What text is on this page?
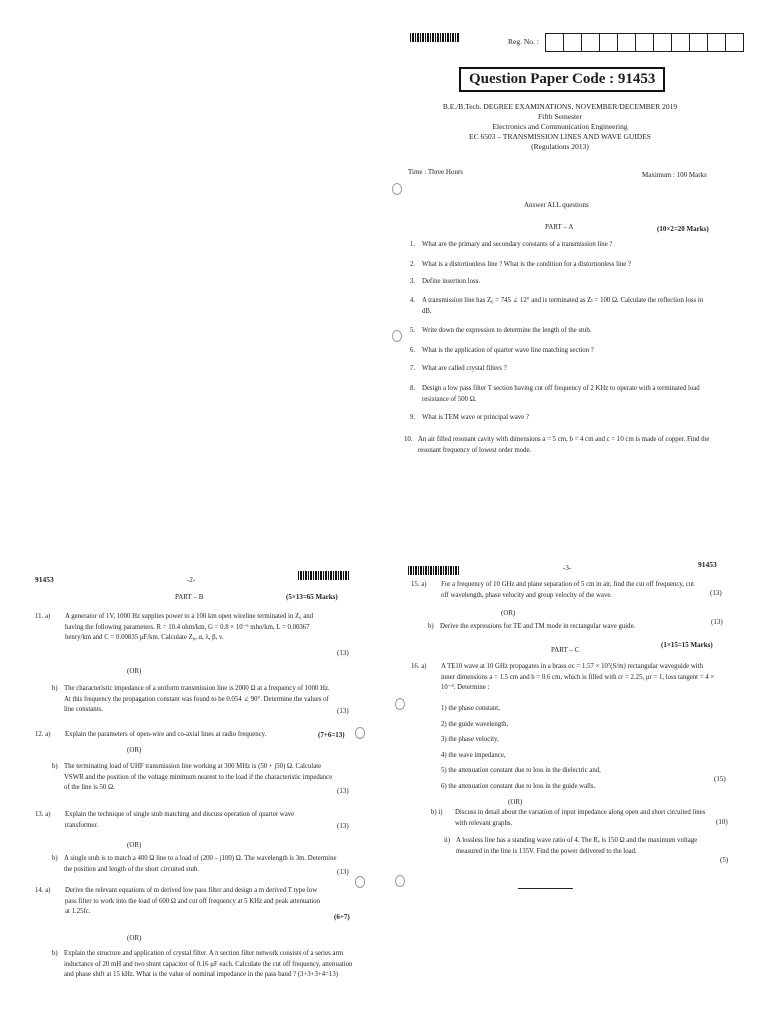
Reg. No. :
Question Paper Code : 91453
B.E./B.Tech. DEGREE EXAMINATIONS, NOVEMBER/DECEMBER 2019
Fifth Semester
Electronics and Communication Engineering
EC 6503 – TRANSMISSION LINES AND WAVE GUIDES
(Regulations 2013)
Time : Three Hours	Maximum : 100 Marks
Answer ALL questions
PART – A	(10×2=20 Marks)
1. What are the primary and secondary constants of a transmission line ?
2. What is a distortionless line ? What is the condition for a distortionless line ?
3. Define insertion loss.
4. A transmission line has Z₀ = 745 ∠ 12° and is terminated as Zₗ = 100 Ω. Calculate the reflection loss in dB.
5. Write down the expression to determine the length of the stub.
6. What is the application of quarter wave line matching section ?
7. What are called crystal filters ?
8. Design a low pass filter T section having cut off frequency of 2 KHz to operate with a terminated load resistance of 500 Ω.
9. What is TEM wave or principal wave ?
10. An air filled resonant cavity with dimensions a = 5 cm, b = 4 cm and c = 10 cm is made of copper. Find the resonant frequency of lowest order mode.
91453	-2-
PART – B	(5×13=65 Marks)
11. a) A generator of 1V, 1000 Hz supplies power to a 100 km open wireline terminated in Z₀ and having the following parameters. R = 10.4 ohm/km, G = 0.8 × 10⁻⁶ mho/km, L = 0.00367 henry/km and C = 0.00835 μF/km. Calculate Z₀, α, λ, β, v.
(13)
(OR)
b) The characteristic impedance of a uniform transmission line is 2000 Ω at a frequency of 1000 Hz. At this frequency the propagation constant was found to be 0.054 ∠ 90°. Determine the values of line constants.	(13)
12. a) Explain the parameters of open-wire and co-axial lines at radio frequency.	(7+6=13)
(OR)
b) The terminating load of UHF transmission line working at 300 MHz is (50 + j50) Ω. Calculate VSWR and the position of the voltage minimum nearest to the load if the characteristic impedance of the line is 50 Ω.	(13)
13. a) Explain the technique of single stub matching and discuss operation of quarter wave transformer.	(13)
(OR)
b) A single stub is to match a 400 Ω line to a load of (200 – j100) Ω. The wavelength is 3m. Determine the position and length of the short circuited stub.	(13)
14. a) Derive the relevant equations of m derived low pass filter and design a m derived T type low pass filter to work into the load of 600 Ω and cut off frequency at 5 KHz and peak attenuation at 1.25fc.
(6+7)
(OR)
b) Explain the structure and application of crystal filter. A π section filter network consists of a series arm inductance of 20 mH and two shunt capacitor of 0.16 μF each. Calculate the cut off frequency, attenuation and phase shift at 15 kHz. What is the value of nominal impedance in the pass band ? (3+3+3+4=13)
-3-	91453
15. a) For a frequency of 10 GHz and plane separation of 5 cm in air, find the cut off frequency, cut off wavelength, phase velocity and group velocity of the wave.	(13)
(OR)
b) Derive the expressions for TE and TM mode in rectangular wave guide.
(13)
PART – C
(1×15=15 Marks)
16. a) A TE10 wave at 10 GHz propagates in a brass σc = 1.57 × 10⁷(S/m) rectangular waveguide with inner dimensions a = 1.5 cm and b = 0.6 cm, which is filled with εr = 2.25, μr = 1, loss tangent = 4 × 10⁻⁴. Determine :
1) the phase constant,
2) the guide wavelength,
3) the phase velocity,
4) the wave impedance,
5) the attenuation constant due to loss in the dielectric and,
6) the attenuation constant due to loss in the guide walls.
(15)
(OR)
b) i) Discuss in detail about the variation of input impedance along open and short circuited lines with relevant graphs.	(10)
ii) A lossless line has a standing wave ratio of 4. The Rₒ is 150 Ω and the maximum voltage measured in the line is 135V. Find the power delivered to the load.
(5)
